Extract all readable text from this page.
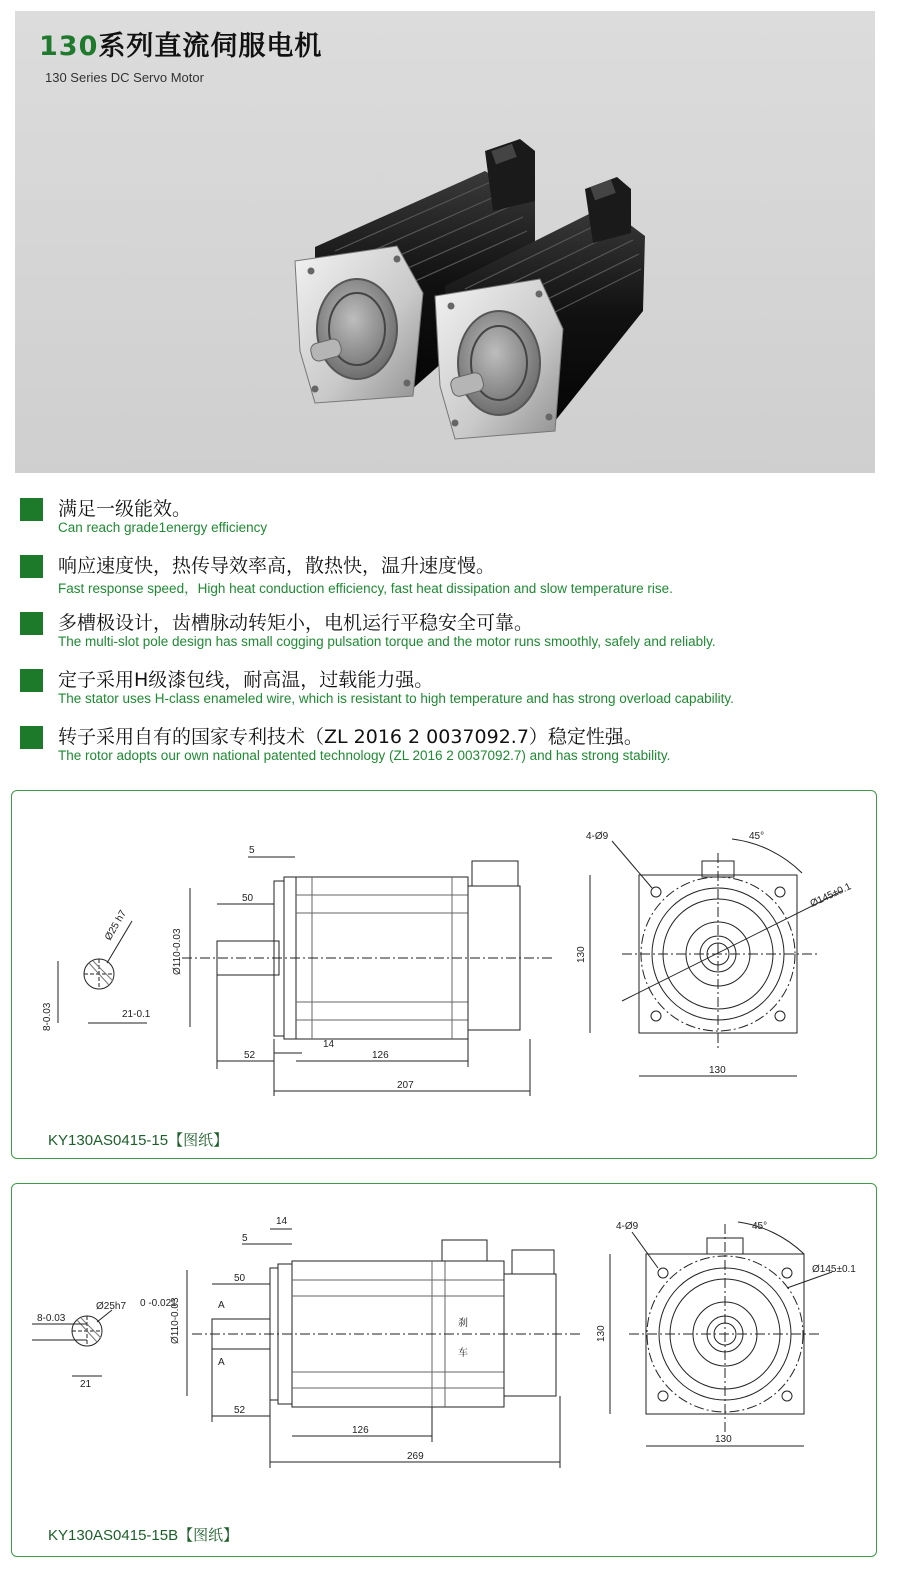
130系列直流伺服电机

130 Series DC Servo Motor

满足一级能效。

Can reach grade1energy efficiency

响应速度快，热传导效率高，散热快，温升速度慢。

Fast response speed，High heat conduction efficiency, fast heat dissipation and slow temperature rise.

多槽极设计，齿槽脉动转矩小，电机运行平稳安全可靠。

The multi-slot pole design has small cogging pulsation torque and the motor runs smoothly, safely and reliably.

定子采用H级漆包线，耐高温，过载能力强。

The stator uses H-class enameled wire, which is resistant to high temperature and has strong overload capability.

转子采用自有的国家专利技术（ZL 2016 2 0037092.7）稳定性强。

The rotor adopts our own national patented technology (ZL 2016 2 0037092.7) and has strong stability.

Ø25 h7
8-0.03	21-0.1
Ø110-0.03
5
50
52
14
126
207
4-Ø9	45°
Ø145±0.1
130
130

KY130AS0415-15【图纸】

8-0.03
Ø25h7 0 -0.021
21
Ø110-0.03
14
5
50
52
126
269
A
A
刹
车
4-Ø9	45°
Ø145±0.1
130
130

KY130AS0415-15B【图纸】
